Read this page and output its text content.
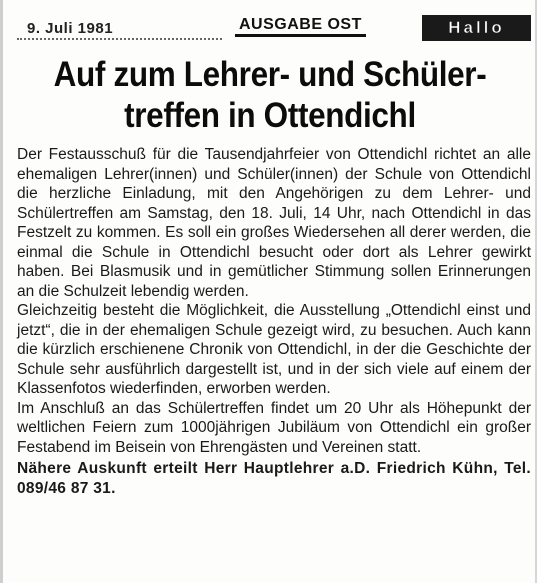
9. Juli 1981	AUSGABE OST	Hallo
Auf zum Lehrer- und Schüler-
treffen in Ottendichl

Der Festausschuß für die Tausendjahrfeier von Ottendichl richtet an alle ehemaligen Lehrer(innen) und Schüler(innen) der Schule von Ottendichl die herzliche Einladung, mit den Angehörigen zu dem Lehrer- und Schülertreffen am Samstag, den 18. Juli, 14 Uhr, nach Ottendichl in das Festzelt zu kommen. Es soll ein großes Wiedersehen all derer werden, die einmal die Schule in Ottendichl besucht oder dort als Lehrer gewirkt haben. Bei Blasmusik und in gemütlicher Stimmung sollen Erinnerungen an die Schulzeit lebendig werden.

Gleichzeitig besteht die Möglichkeit, die Ausstellung „Ottendichl einst und jetzt“, die in der ehemaligen Schule gezeigt wird, zu besuchen. Auch kann die kürzlich erschienene Chronik von Ottendichl, in der die Geschichte der Schule sehr ausführlich dargestellt ist, und in der sich viele auf einem der Klassenfotos wiederfinden, erworben werden.

Im Anschluß an das Schülertreffen findet um 20 Uhr als Höhepunkt der weltlichen Feiern zum 1000jährigen Jubiläum von Ottendichl ein großer Festabend im Beisein von Ehrengästen und Vereinen statt.

Nähere Auskunft erteilt Herr Hauptlehrer a.D. Friedrich Kühn, Tel. 089/46 87 31.
